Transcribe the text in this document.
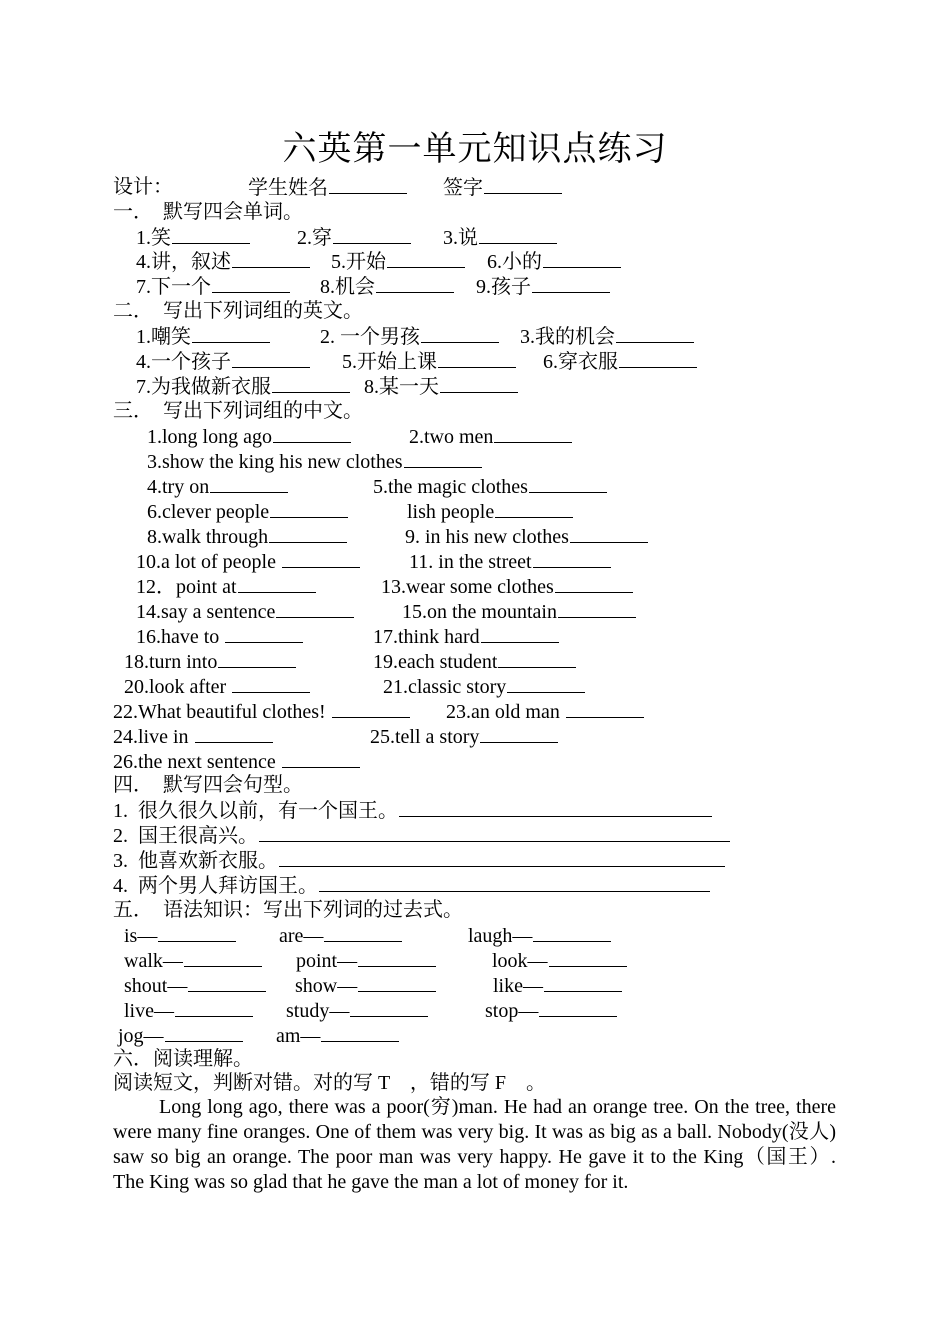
六英第一单元知识点练习
设计：	学生姓名	签字
一．  默写四会单词。
1.笑	2.穿	3.说
4.讲，叙述	5.开始	6.小的
7.下一个	8.机会	9.孩子
二．  写出下列词组的英文。
1.嘲笑	2. 一个男孩	3.我的机会
4.一个孩子	5.开始上课	6.穿衣服
7.为我做新衣服	8.某一天
三．  写出下列词组的中文。
1.long long ago	2.two men
3.show the king his new clothes
4.try on	5.the magic clothes
6.clever people	lish people
8.walk through	9. in his new clothes
10.a lot of people	11. in the street
12．point at	13.wear some clothes
14.say a sentence	15.on the mountain
16.have to	17.think hard
18.turn into	19.each student
20.look after	21.classic story
22.What beautiful clothes!	23.an old man
24.live in	25.tell a story
26.the next sentence
四．  默写四会句型。
1.  很久很久以前，有一个国王。
2.  国王很高兴。
3.  他喜欢新衣服。
4.  两个男人拜访国王。
五．  语法知识：写出下列词的过去式。
is—	are—	laugh—
walk—	point—	look—
shout—	show—	like—
live—	study—	stop—
jog—	am—
六．阅读理解。
阅读短文，判断对错。对的写 T    ，错的写 F    。
Long long ago, there was a poor(穷)man. He had an orange tree. On the tree, there were many fine oranges. One of them was very big. It was as big as a ball. Nobody(没人) saw so big an orange. The poor man was very happy. He gave it to the King（国王）. The King was so glad that he gave the man a lot of money for it.
